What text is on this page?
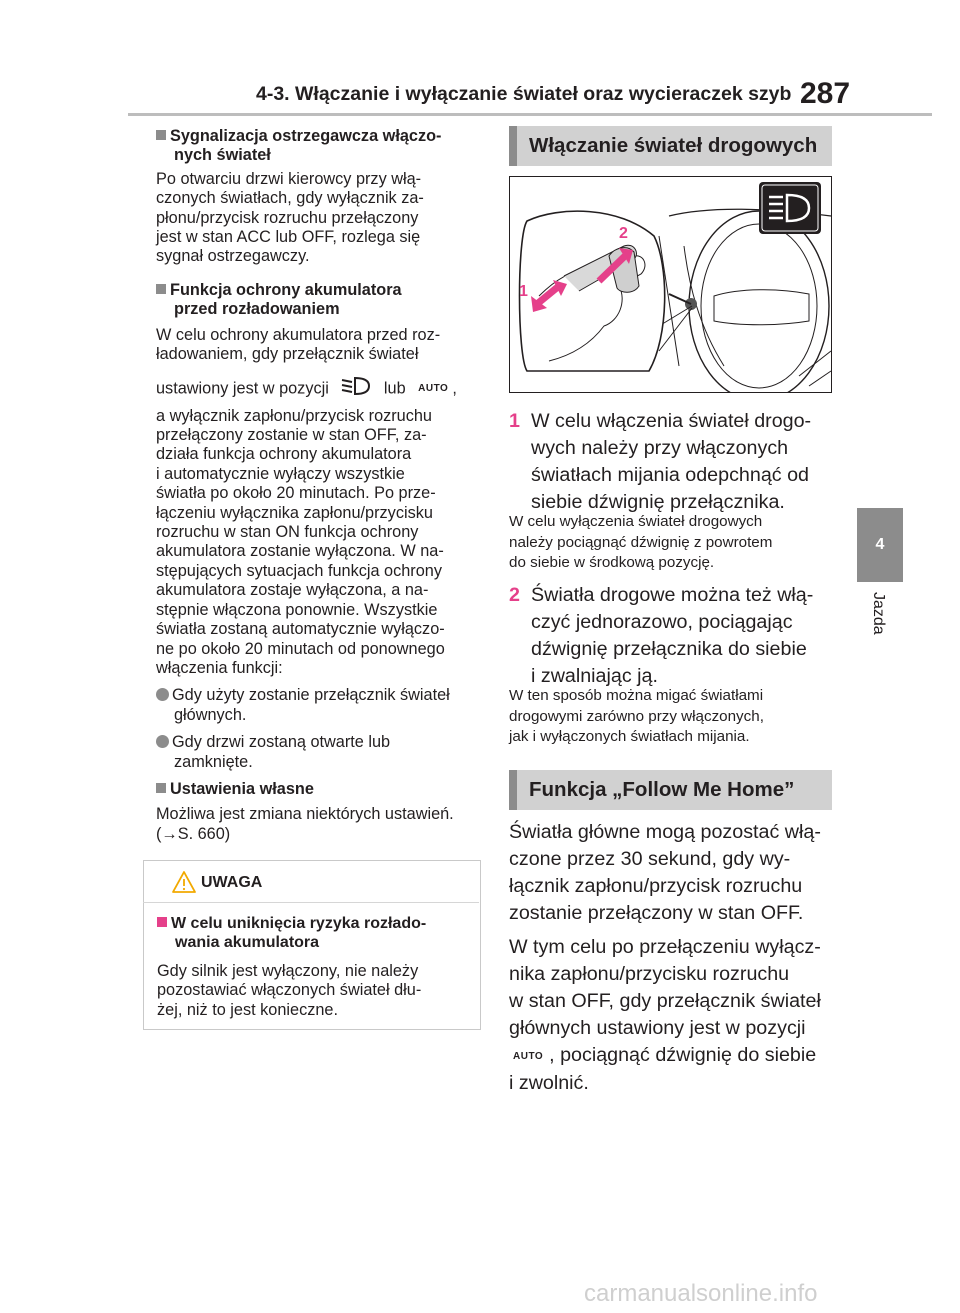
4-3. Włączanie i wyłączanie świateł oraz wycieraczek szyb 287
4
Jazda
Sygnalizacja ostrzegawcza włączo-
nych świateł
Po otwarciu drzwi kierowcy przy włą-
czonych światłach, gdy wyłącznik za-
płonu/przycisk rozruchu przełączony
jest w stan ACC lub OFF, rozlega się
sygnał ostrzegawczy.
Funkcja ochrony akumulatora
przed rozładowaniem
W celu ochrony akumulatora przed roz-
ładowaniem, gdy przełącznik świateł
ustawiony jest w pozycji	lub AUTO ,
a wyłącznik zapłonu/przycisk rozruchu
przełączony zostanie w stan OFF, za-
działa funkcja ochrony akumulatora
i automatycznie wyłączy wszystkie
światła po około 20 minutach. Po prze-
łączeniu wyłącznika zapłonu/przycisku
rozruchu w stan ON funkcja ochrony
akumulatora zostanie wyłączona. W na-
stępujących sytuacjach funkcja ochrony
akumulatora zostaje wyłączona, a na-
stępnie włączona ponownie. Wszystkie
światła zostaną automatycznie wyłączo-
ne po około 20 minutach od ponownego
włączenia funkcji:
Gdy użyty zostanie przełącznik świateł
głównych.
Gdy drzwi zostaną otwarte lub
zamknięte.
Ustawienia własne
Możliwa jest zmiana niektórych ustawień.
(→S. 660)
UWAGA
W celu uniknięcia ryzyka rozłado-
wania akumulatora
Gdy silnik jest wyłączony, nie należy
pozostawiać włączonych świateł dłu-
żej, niż to jest konieczne.
Włączanie świateł drogowych
2
1
1 W celu włączenia świateł drogo-
wych należy przy włączonych
światłach mijania odepchnąć od
siebie dźwignię przełącznika.
W celu wyłączenia świateł drogowych
należy pociągnąć dźwignię z powrotem
do siebie w środkową pozycję.
2 Światła drogowe można też włą-
czyć jednorazowo, pociągając
dźwignię przełącznika do siebie
i zwalniając ją.
W ten sposób można migać światłami
drogowymi zarówno przy włączonych,
jak i wyłączonych światłach mijania.
Funkcja „Follow Me Home”
Światła główne mogą pozostać włą-
czone przez 30 sekund, gdy wy-
łącznik zapłonu/przycisk rozruchu
zostanie przełączony w stan OFF.
W tym celu po przełączeniu wyłącz-
nika zapłonu/przycisku rozruchu
w stan OFF, gdy przełącznik świateł
głównych ustawiony jest w pozycji
AUTO , pociągnąć dźwignię do siebie
i zwolnić.
carmanualsonline.info
